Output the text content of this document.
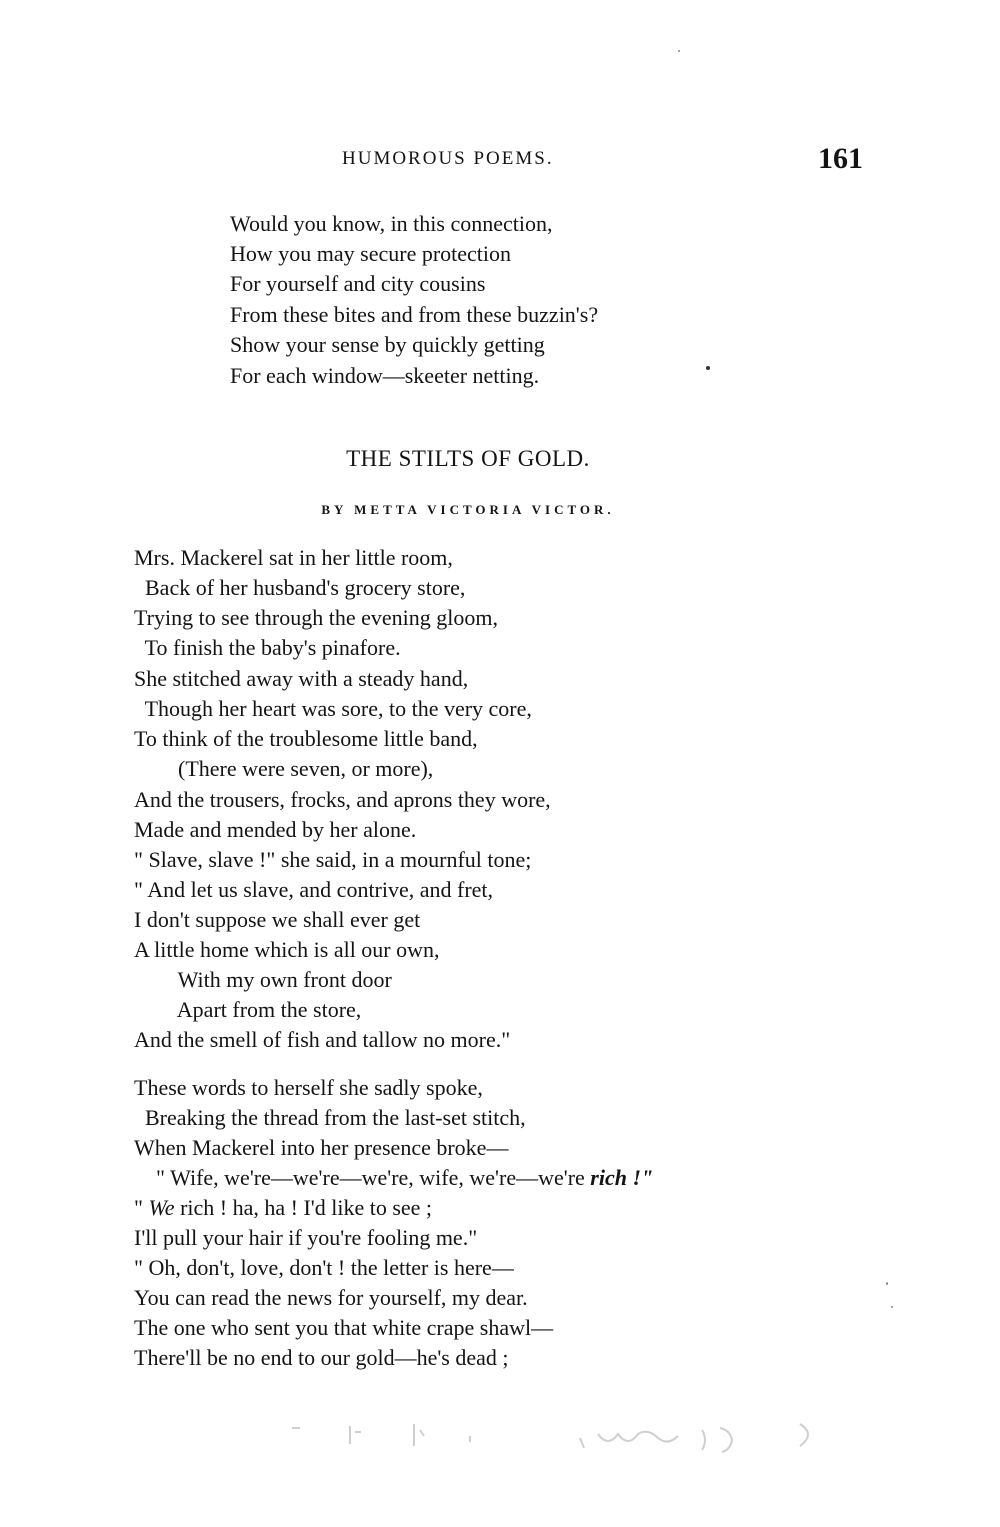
HUMOROUS POEMS.	161
Would you know, in this connection,
How you may secure protection
For yourself and city cousins
From these bites and from these buzzin's?
Show your sense by quickly getting
For each window—skeeter netting.
THE STILTS OF GOLD.
BY METTA VICTORIA VICTOR.
Mrs. Mackerel sat in her little room,
Back of her husband's grocery store,
Trying to see through the evening gloom,
To finish the baby's pinafore.
She stitched away with a steady hand,
Though her heart was sore, to the very core,
To think of the troublesome little band,
(There were seven, or more),
And the trousers, frocks, and aprons they wore,
Made and mended by her alone.
" Slave, slave !" she said, in a mournful tone;
" And let us slave, and contrive, and fret,
I don't suppose we shall ever get
A little home which is all our own,
With my own front door
Apart from the store,
And the smell of fish and tallow no more."
These words to herself she sadly spoke,
Breaking the thread from the last-set stitch,
When Mackerel into her presence broke—
" Wife, we're—we're—we're, wife, we're—we're rich !"
" We rich ! ha, ha ! I'd like to see ;
I'll pull your hair if you're fooling me."
" Oh, don't, love, don't ! the letter is here—
You can read the news for yourself, my dear.
The one who sent you that white crape shawl—
There'll be no end to our gold—he's dead ;
